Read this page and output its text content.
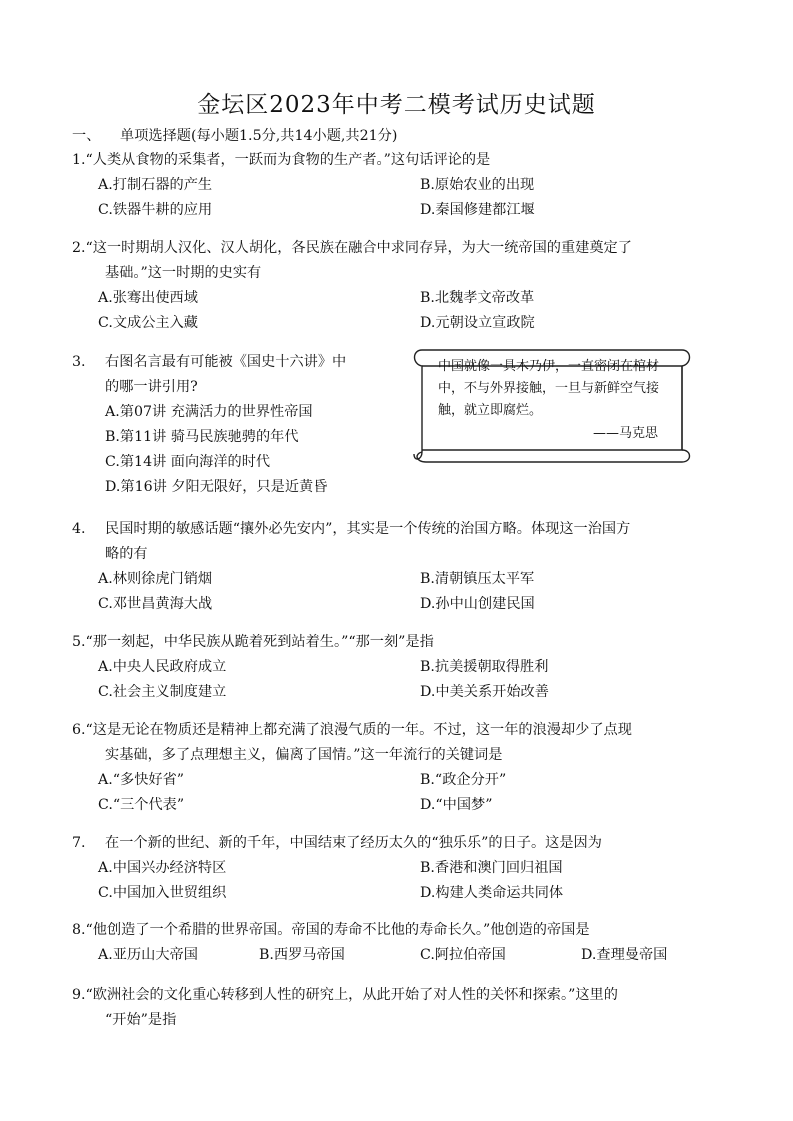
金坛区2023年中考二模考试历史试题
一、 单项选择题(每小题1.5分,共14小题,共21分)
1.“人类从食物的采集者，一跃而为食物的生产者。”这句话评论的是
A.打制石器的产生	B.原始农业的出现
C.铁器牛耕的应用	D.秦国修建都江堰
2.“这一时期胡人汉化、汉人胡化，各民族在融合中求同存异，为大一统帝国的重建奠定了
基础。”这一时期的史实有
A.张骞出使西域	B.北魏孝文帝改革
C.文成公主入藏	D.元朝设立宣政院
3. 右图名言最有可能被《国史十六讲》中
的哪一讲引用?
A.第07讲 充满活力的世界性帝国
B.第11讲 骑马民族驰骋的年代
C.第14讲 面向海洋的时代
D.第16讲 夕阳无限好，只是近黄昏
中国就像一具木乃伊，一直密闭在棺材中，不与外界接触，一旦与新鲜空气接触，就立即腐烂。
——马克思
4. 民国时期的敏感话题“攘外必先安内”，其实是一个传统的治国方略。体现这一治国方
略的有
A.林则徐虎门销烟	B.清朝镇压太平军
C.邓世昌黄海大战	D.孙中山创建民国
5.“那一刻起，中华民族从跪着死到站着生。”“那一刻”是指
A.中央人民政府成立	B.抗美援朝取得胜利
C.社会主义制度建立	D.中美关系开始改善
6.“这是无论在物质还是精神上都充满了浪漫气质的一年。不过，这一年的浪漫却少了点现
实基础，多了点理想主义，偏离了国情。”这一年流行的关键词是
A.“多快好省”	B.“政企分开”
C.“三个代表”	D.“中国梦”
7. 在一个新的世纪、新的千年，中国结束了经历太久的“独乐乐”的日子。这是因为
A.中国兴办经济特区	B.香港和澳门回归祖国
C.中国加入世贸组织	D.构建人类命运共同体
8.“他创造了一个希腊的世界帝国。帝国的寿命不比他的寿命长久。”他创造的帝国是
A.亚历山大帝国	B.西罗马帝国	C.阿拉伯帝国	D.查理曼帝国
9.“欧洲社会的文化重心转移到人性的研究上，从此开始了对人性的关怀和探索。”这里的
“开始”是指
